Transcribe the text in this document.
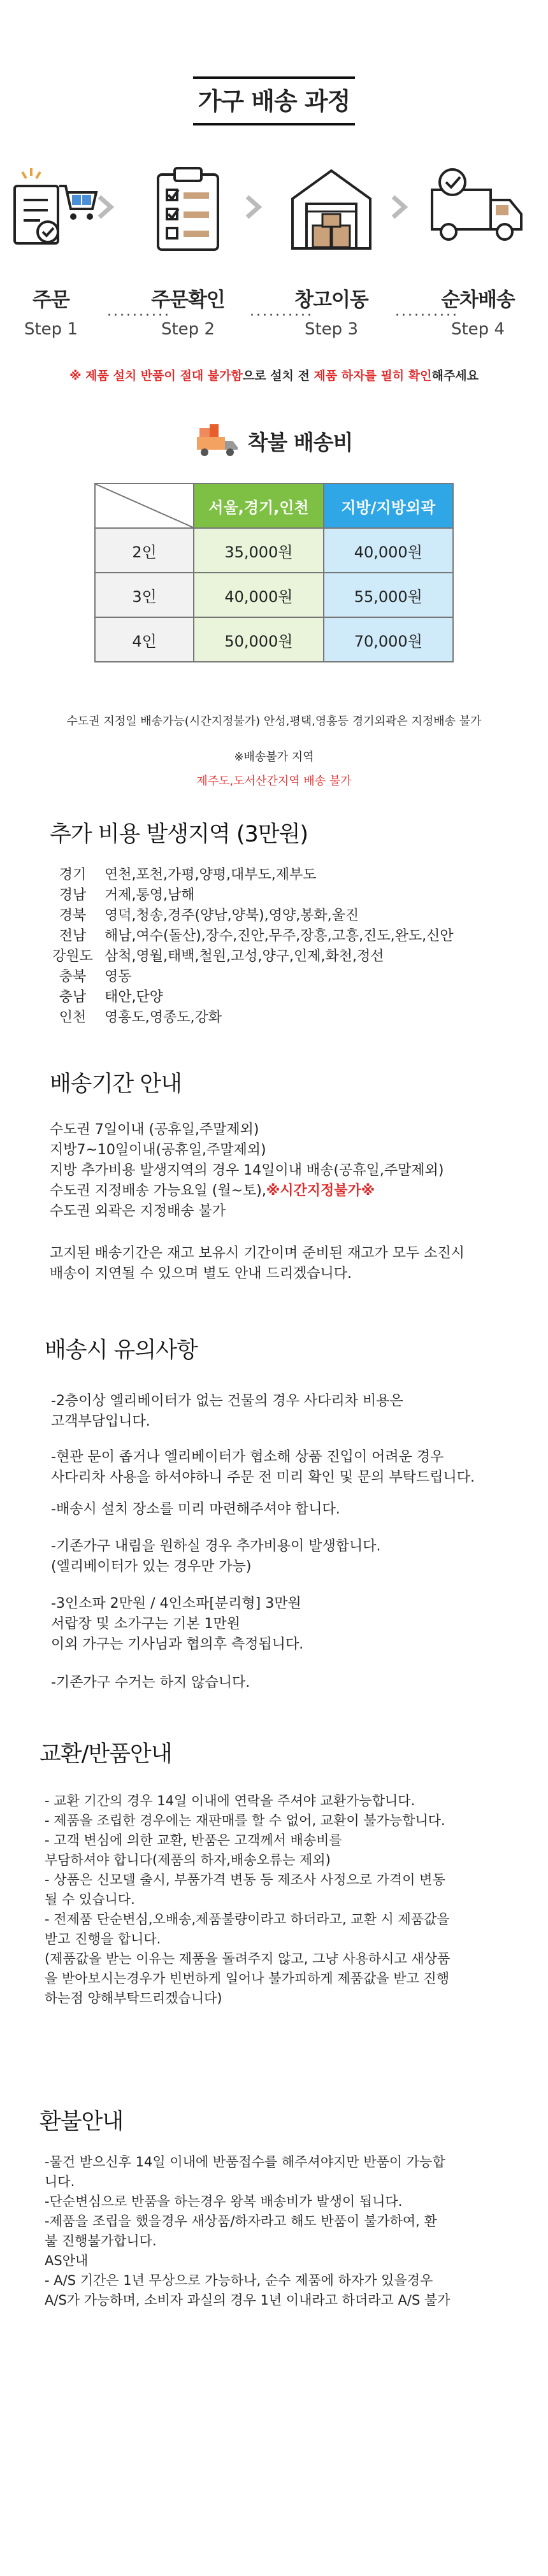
가구 배송 과정
주문
Step 1
주문확인
Step 2
창고이동
Step 3
순차배송
Step 4
··········	··········	··········
※ 제품 설치 반품이 절대 불가함으로 설치 전 제품 하자를 필히 확인해주세요
착불 배송비
	서울,경기,인천	지방/지방외곽
2인	35,000원	40,000원
3인	40,000원	55,000원
4인	50,000원	70,000원
수도권 지정일 배송가능(시간지정불가) 안성,평택,영흥등 경기외곽은 지정배송 불가
※배송불가 지역
제주도,도서산간지역 배송 불가
추가 비용 발생지역 (3만원)
경기	연천,포천,가평,양평,대부도,제부도
경남	거제,통영,남해
경북	영덕,청송,경주(양남,양북),영양,봉화,울진
전남	해남,여수(돌산),장수,진안,무주,장흥,고흥,진도,완도,신안
강원도 삼척,영월,태백,철원,고성,양구,인제,화천,정선
충북	영동
충남	태안,단양
인천	영흥도,영종도,강화
배송기간 안내
수도권 7일이내 (공휴일,주말제외)
지방7~10일이내(공휴일,주말제외)
지방 추가비용 발생지역의 경우 14일이내 배송(공휴일,주말제외)
수도권 지정배송 가능요일 (월~토),※시간지정불가※
수도권 외곽은 지정배송 불가
고지된 배송기간은 재고 보유시 기간이며 준비된 재고가 모두 소진시
배송이 지연될 수 있으며 별도 안내 드리겠습니다.
배송시 유의사항
-2층이상 엘리베이터가 없는 건물의 경우 사다리차 비용은
고객부담입니다.
-현관 문이 좁거나 엘리베이터가 협소해 상품 진입이 어려운 경우
사다리차 사용을 하셔야하니 주문 전 미리 확인 및 문의 부탁드립니다.
-배송시 설치 장소를 미리 마련해주셔야 합니다.
-기존가구 내림을 원하실 경우 추가비용이 발생합니다.
(엘리베이터가 있는 경우만 가능)
-3인소파 2만원 / 4인소파[분리형] 3만원
서랍장 및 소가구는 기본 1만원
이외 가구는 기사님과 협의후 측정됩니다.
-기존가구 수거는 하지 않습니다.
교환/반품안내
- 교환 기간의 경우 14일 이내에 연락을 주셔야 교환가능합니다.
- 제품을 조립한 경우에는 재판매를 할 수 없어, 교환이 불가능합니다.
- 고객 변심에 의한 교환, 반품은 고객께서 배송비를
부담하셔야 합니다(제품의 하자,배송오류는 제외)
- 상품은 신모델 출시, 부품가격 변동 등 제조사 사정으로 가격이 변동
될 수 있습니다.
- 전제품 단순변심,오배송,제품불량이라고 하더라고, 교환 시 제품값을
받고 진행을 합니다.
(제품값을 받는 이유는 제품을 돌려주지 않고, 그냥 사용하시고 새상품
을 받아보시는경우가 빈번하게 일어나 불가피하게 제품값을 받고 진행
하는점 양해부탁드리겠습니다)
환불안내
-물건 받으신후 14일 이내에 반품접수를 해주셔야지만 반품이 가능합
니다.
-단순변심으로 반품을 하는경우 왕복 배송비가 발생이 됩니다.
-제품을 조립을 했을경우 새상품/하자라고 해도 반품이 불가하여, 환
불 진행불가합니다.
AS안내
- A/S 기간은 1년 무상으로 가능하나, 순수 제품에 하자가 있을경우
A/S가 가능하며, 소비자 과실의 경우 1년 이내라고 하더라고 A/S 불가
